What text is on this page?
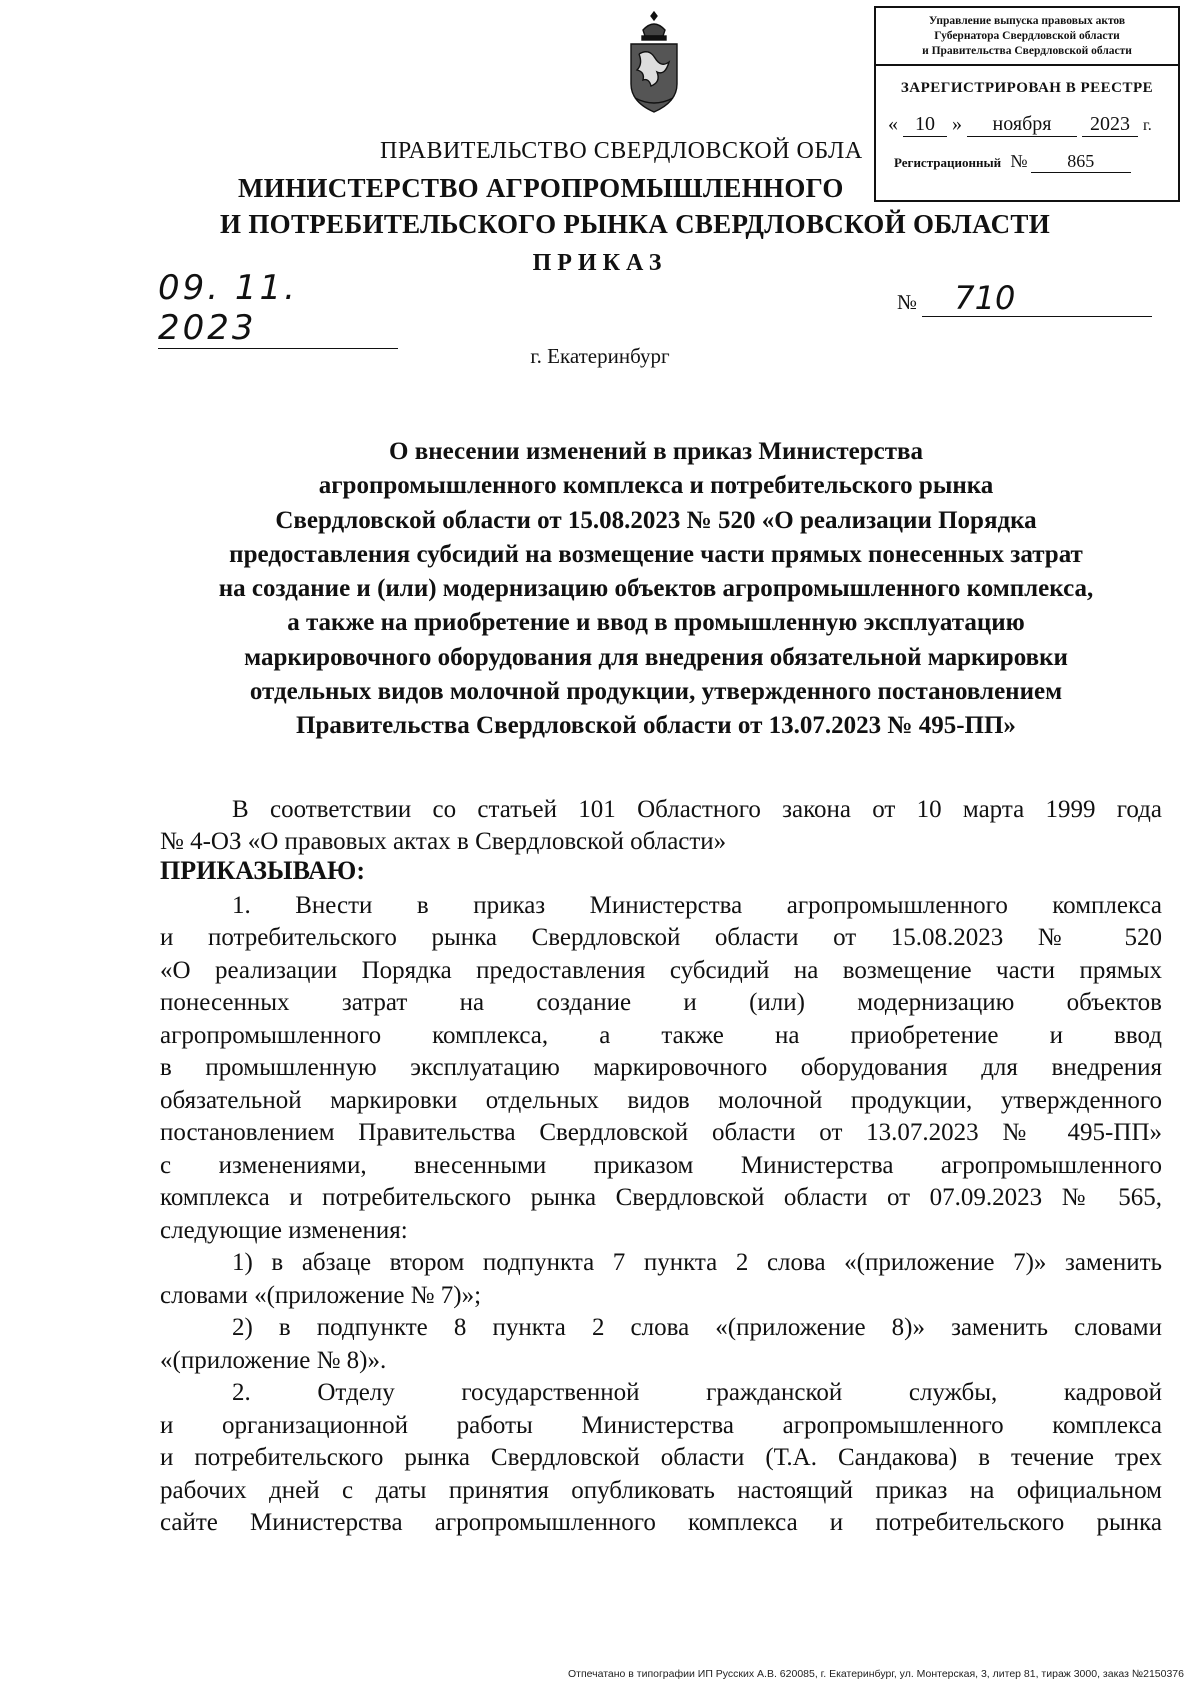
Управление выпуска правовых актов
Губернатора Свердловской области
и Правительства Свердловской области
ЗАРЕГИСТРИРОВАН В РЕЕСТРЕ
« 10 » ноября 2023 г.
Регистрационный № 865
ПРАВИТЕЛЬСТВО СВЕРДЛОВСКОЙ ОБЛА
МИНИСТЕРСТВО АГРОПРОМЫШЛЕННОГО
И ПОТРЕБИТЕЛЬСКОГО РЫНКА СВЕРДЛОВСКОЙ ОБЛАСТИ
ПРИКАЗ
09. 11. 2023
№ 710
г. Екатеринбург
О внесении изменений в приказ Министерства
агропромышленного комплекса и потребительского рынка
Свердловской области от 15.08.2023 № 520 «О реализации Порядка
предоставления субсидий на возмещение части прямых понесенных затрат
на создание и (или) модернизацию объектов агропромышленного комплекса,
а также на приобретение и ввод в промышленную эксплуатацию
маркировочного оборудования для внедрения обязательной маркировки
отдельных видов молочной продукции, утвержденного постановлением
Правительства Свердловской области от 13.07.2023 № 495-ПП»
В соответствии со статьей 101 Областного закона от 10 марта 1999 года
№ 4-ОЗ «О правовых актах в Свердловской области»
ПРИКАЗЫВАЮ:
1. Внести в приказ Министерства агропромышленного комплекса
и потребительского рынка Свердловской области от 15.08.2023 № 520
«О реализации Порядка предоставления субсидий на возмещение части прямых
понесенных затрат на создание и (или) модернизацию объектов
агропромышленного комплекса, а также на приобретение и ввод
в промышленную эксплуатацию маркировочного оборудования для внедрения
обязательной маркировки отдельных видов молочной продукции, утвержденного
постановлением Правительства Свердловской области от 13.07.2023 № 495-ПП»
с изменениями, внесенными приказом Министерства агропромышленного
комплекса и потребительского рынка Свердловской области от 07.09.2023 № 565,
следующие изменения:
1) в абзаце втором подпункта 7 пункта 2 слова «(приложение 7)» заменить
словами «(приложение № 7)»;
2) в подпункте 8 пункта 2 слова «(приложение 8)» заменить словами
«(приложение № 8)».
2. Отделу государственной гражданской службы, кадровой
и организационной работы Министерства агропромышленного комплекса
и потребительского рынка Свердловской области (Т.А. Сандакова) в течение трех
рабочих дней с даты принятия опубликовать настоящий приказ на официальном
сайте Министерства агропромышленного комплекса и потребительского рынка
Отпечатано в типографии ИП Русских А.В. 620085, г. Екатеринбург, ул. Монтерская, 3, литер 81, тираж 3000, заказ №2150376
